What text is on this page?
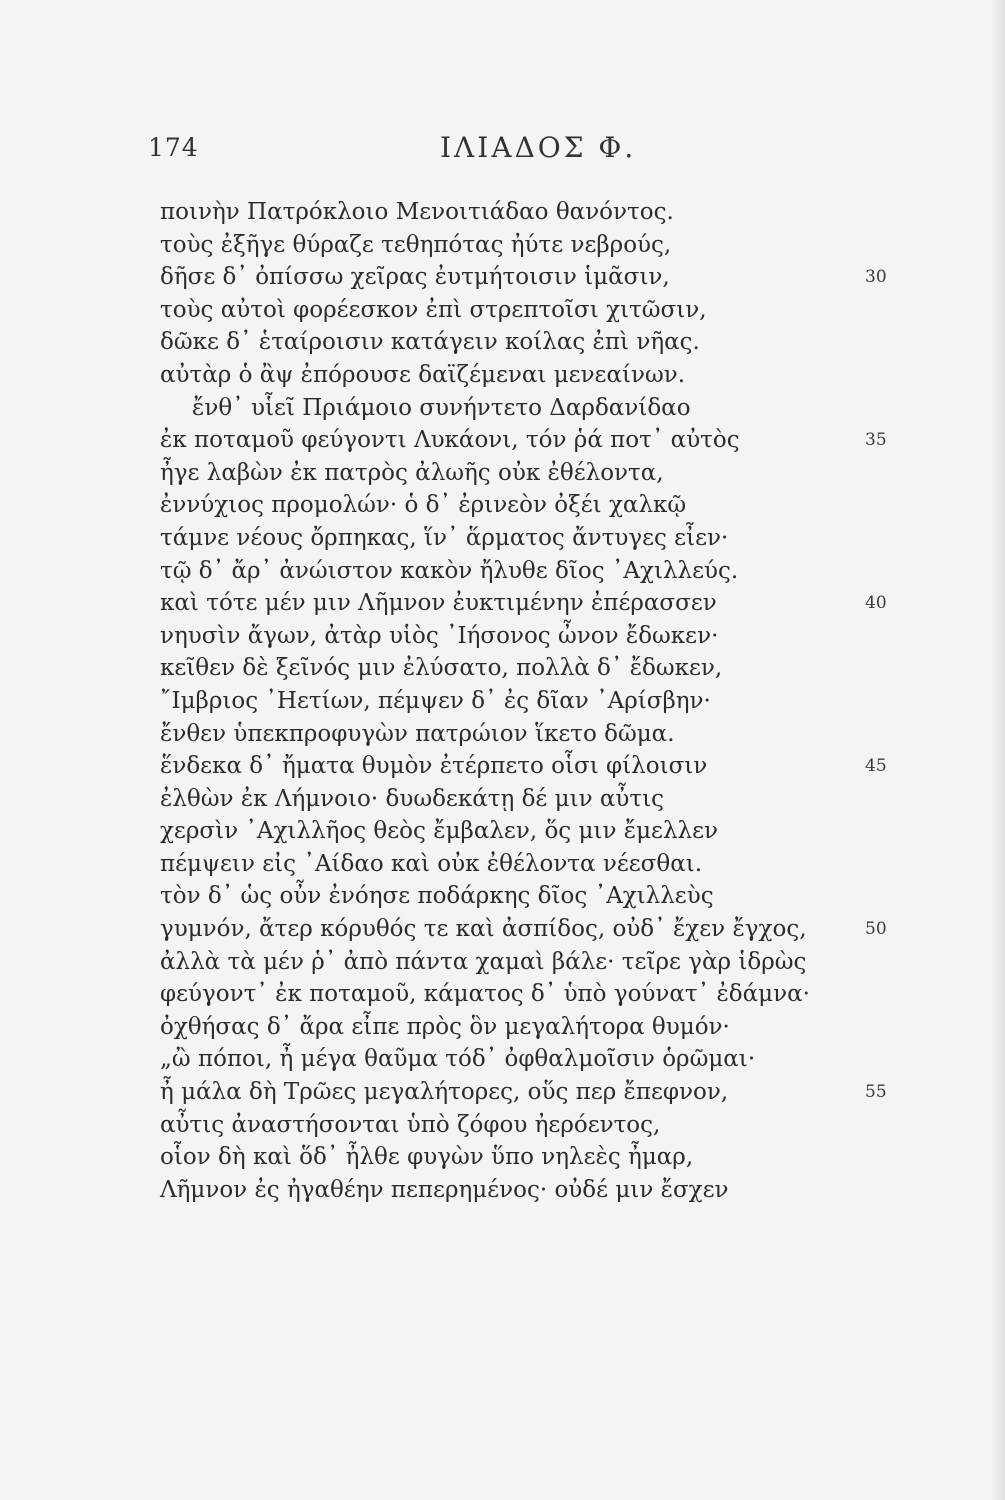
174	ΙΛΙΑΔΟΣ Φ.
ποινὴν Πατρόκλοιο Μενοιτιάδαο θανόντος.
τοὺς ἐξῆγε θύραζε τεθηπότας ἠύτε νεβρούς,
δῆσε δ᾽ ὀπίσσω χεῖρας ἐυτμήτοισιν ἱμᾶσιν,	30
τοὺς αὐτοὶ φορέεσκον ἐπὶ στρεπτοῖσι χιτῶσιν,
δῶκε δ᾽ ἑταίροισιν κατάγειν κοίλας ἐπὶ νῆας.
αὐτὰρ ὁ ἂψ ἐπόρουσε δαϊζέμεναι μενεαίνων.
ἔνθ᾽ υἷεῖ Πριάμοιο συνήντετο Δαρδανίδαο
ἐκ ποταμοῦ φεύγοντι Λυκάονι, τόν ῥά ποτ᾽ αὐτὸς	35
ἦγε λαβὼν ἐκ πατρὸς ἀλωῆς οὐκ ἐθέλοντα,
ἐννύχιος προμολών· ὁ δ᾽ ἐρινεὸν ὀξέι χαλκῷ
τάμνε νέους ὄρπηκας, ἵν᾽ ἅρματος ἄντυγες εἶεν·
τῷ δ᾽ ἄρ᾽ ἀνώιστον κακὸν ἤλυθε δῖος ᾿Αχιλλεύς.
καὶ τότε μέν μιν Λῆμνον ἐυκτιμένην ἐπέρασσεν	40
νηυσὶν ἄγων, ἀτὰρ υἱὸς ᾿Ιήσονος ὦνον ἔδωκεν·
κεῖθεν δὲ ξεῖνός μιν ἐλύσατο, πολλὰ δ᾽ ἔδωκεν,
῎Ιμβριος ᾿Ηετίων, πέμψεν δ᾽ ἐς δῖαν ᾿Αρίσβην·
ἔνθεν ὑπεκπροφυγὼν πατρώιον ἵκετο δῶμα.
ἕνδεκα δ᾽ ἤματα θυμὸν ἐτέρπετο οἷσι φίλοισιν	45
ἐλθὼν ἐκ Λήμνοιο· δυωδεκάτῃ δέ μιν αὖτις
χερσὶν ᾿Αχιλλῆος θεὸς ἔμβαλεν, ὅς μιν ἔμελλεν
πέμψειν εἰς ᾿Αίδαο καὶ οὐκ ἐθέλοντα νέεσθαι.
τὸν δ᾽ ὡς οὖν ἐνόησε ποδάρκης δῖος ᾿Αχιλλεὺς
γυμνόν, ἄτερ κόρυθός τε καὶ ἀσπίδος, οὐδ᾽ ἔχεν ἔγχος,	50
ἀλλὰ τὰ μέν ῥ᾽ ἀπὸ πάντα χαμαὶ βάλε· τεῖρε γὰρ ἱδρὼς
φεύγοντ᾽ ἐκ ποταμοῦ, κάματος δ᾽ ὑπὸ γούνατ᾽ ἐδάμνα·
ὀχθήσας δ᾽ ἄρα εἶπε πρὸς ὃν μεγαλήτορα θυμόν·
„ὢ πόποι, ἦ μέγα θαῦμα τόδ᾽ ὀφθαλμοῖσιν ὁρῶμαι·
ἦ μάλα δὴ Τρῶες μεγαλήτορες, οὕς περ ἔπεφνον,	55
αὖτις ἀναστήσονται ὑπὸ ζόφου ἠερόεντος,
οἷον δὴ καὶ ὅδ᾽ ἦλθε φυγὼν ὕπο νηλεὲς ἦμαρ,
Λῆμνον ἐς ἠγαθέην πεπερημένος· οὐδέ μιν ἔσχεν
